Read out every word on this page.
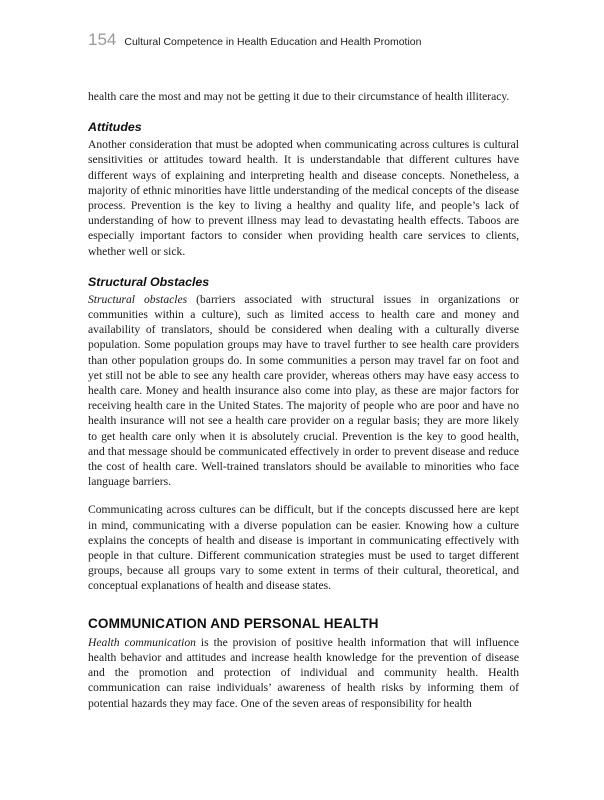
154 Cultural Competence in Health Education and Health Promotion

health care the most and may not be getting it due to their circumstance of health illiteracy.

Attitudes

Another consideration that must be adopted when communicating across cultures is cultural sensitivities or attitudes toward health. It is understandable that different cultures have different ways of explaining and interpreting health and disease concepts. Nonetheless, a majority of ethnic minorities have little understanding of the medical concepts of the disease process. Prevention is the key to living a healthy and quality life, and people’s lack of understanding of how to prevent illness may lead to devastating health effects. Taboos are especially important factors to consider when providing health care services to clients, whether well or sick.

Structural Obstacles

Structural obstacles (barriers associated with structural issues in organizations or communities within a culture), such as limited access to health care and money and availability of translators, should be considered when dealing with a culturally diverse population. Some population groups may have to travel further to see health care providers than other population groups do. In some communities a person may travel far on foot and yet still not be able to see any health care provider, whereas others may have easy access to health care. Money and health insurance also come into play, as these are major factors for receiving health care in the United States. The majority of people who are poor and have no health insurance will not see a health care provider on a regular basis; they are more likely to get health care only when it is absolutely crucial. Prevention is the key to good health, and that message should be communicated effectively in order to prevent disease and reduce the cost of health care. Well-trained translators should be available to minorities who face language barriers.

Communicating across cultures can be difficult, but if the concepts discussed here are kept in mind, communicating with a diverse population can be easier. Knowing how a culture explains the concepts of health and disease is important in communicating effectively with people in that culture. Different communication strategies must be used to target different groups, because all groups vary to some extent in terms of their cultural, theoretical, and conceptual explanations of health and disease states.

COMMUNICATION AND PERSONAL HEALTH

Health communication is the provision of positive health information that will influence health behavior and attitudes and increase health knowledge for the prevention of disease and the promotion and protection of individual and community health. Health communication can raise individuals’ awareness of health risks by informing them of potential hazards they may face. One of the seven areas of responsibility for health
